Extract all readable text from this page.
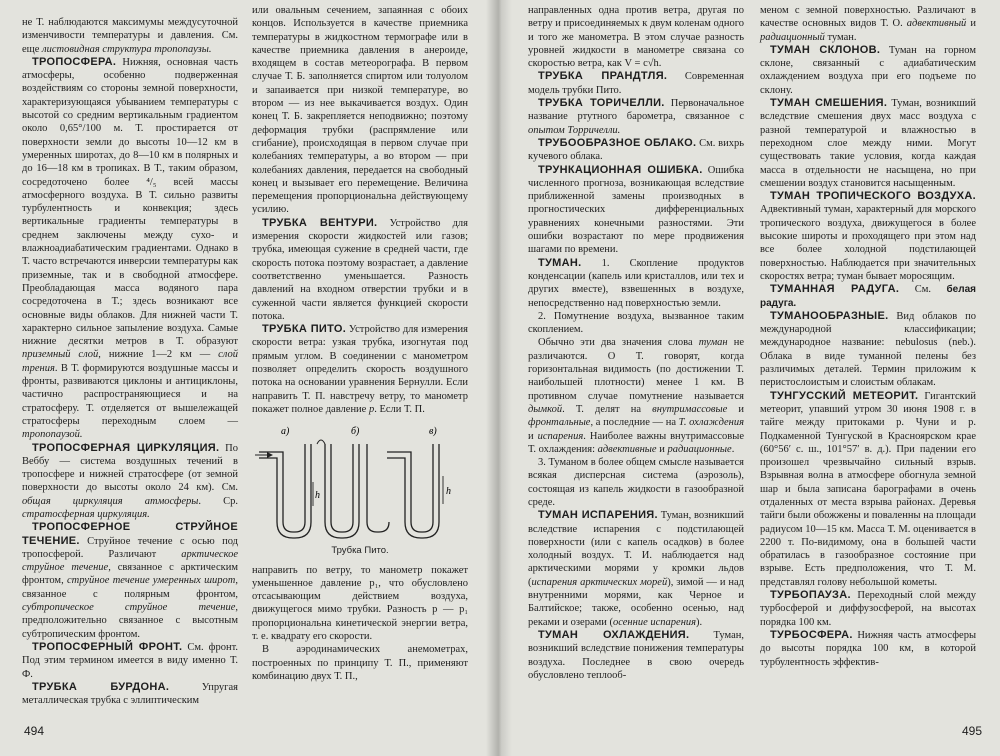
не Т. наблюдаются максимумы междусуточной изменчивости температуры и давления. См. еще листовидная структура тропопаузы.

ТРОПОСФЕРА. Нижняя, основная часть атмосферы, особенно подверженная воздействиям со стороны земной поверхности, характеризующаяся убыванием температуры с высотой со средним вертикальным градиентом около 0,65°/100 м. Т. простирается от поверхности земли до высоты 10—12 км в умеренных широтах, до 8—10 км в полярных и до 16—18 км в тропиках. В Т., таким образом, сосредоточено более ⁴/₅ всей массы атмосферного воздуха. В Т. сильно развиты турбулентность и конвекция; здесь вертикальные градиенты температуры в среднем заключены между сухо- и влажноадиабатическим градиентами. Однако в Т. часто встречаются инверсии температуры как приземные, так и в свободной атмосфере. Преобладающая масса водяного пара сосредоточена в Т.; здесь возникают все основные виды облаков. Для нижней части Т. характерно сильное запыление воздуха. Самые нижние десятки метров в Т. образуют приземный слой, нижние 1—2 км — слой трения. В Т. формируются воздушные массы и фронты, развиваются циклоны и антициклоны, частично распространяющиеся и на стратосферу. Т. отделяется от вышележащей стратосферы переходным слоем — тропопаузой.

ТРОПОСФЕРНАЯ ЦИРКУЛЯЦИЯ. По Веббу — система воздушных течений в тропосфере и нижней стратосфере (от земной поверхности до высоты около 24 км). См. общая циркуляция атмосферы. Ср. стратосферная циркуляция.

ТРОПОСФЕРНОЕ СТРУЙНОЕ ТЕЧЕНИЕ. Струйное течение с осью под тропосферой. Различают арктическое струйное течение, связанное с арктическим фронтом, струйное течение умеренных широт, связанное с полярным фронтом, субтропическое струйное течение, предположительно связанное с высотным субтропическим фронтом.

ТРОПОСФЕРНЫЙ ФРОНТ. См. фронт. Под этим термином имеется в виду именно Т. Ф.

ТРУБКА БУРДОНА. Упругая металлическая трубка с эллиптическим

или овальным сечением, запаянная с обоих концов. Используется в качестве приемника температуры в жидкостном термографе или в качестве приемника давления в анероиде, входящем в состав метеорографа. В первом случае Т. Б. заполняется спиртом или толуолом и запаивается при низкой температуре, во втором — из нее выкачивается воздух. Один конец Т. Б. закрепляется неподвижно; поэтому деформация трубки (распрямление или сгибание), происходящая в первом случае при колебаниях температуры, а во втором — при колебаниях давления, передается на свободный конец и вызывает его перемещение. Величина перемещения пропорциональна действующему усилию.

ТРУБКА ВЕНТУРИ. Устройство для измерения скорости жидкостей или газов; трубка, имеющая сужение в средней части, где скорость потока поэтому возрастает, а давление соответственно уменьшается. Разность давлений на входном отверстии трубки и в суженной части является функцией скорости потока.

ТРУБКА ПИТО. Устройство для измерения скорости ветра: узкая трубка, изогнутая под прямым углом. В соединении с манометром позволяет определить скорость воздушного потока на основании уравнения Бернулли. Если направить Т. П. навстречу ветру, то манометр покажет полное давление p. Если Т. П.

а)	б)	в)
h
h
Трубка Пито.

направить по ветру, то манометр покажет уменьшенное давление p₁, что обусловлено отсасывающим действием воздуха, движущегося мимо трубки. Разность p — p₁ пропорциональна кинетической энергии ветра, т. е. квадрату его скорости.

В аэродинамических анемометрах, построенных по принципу Т. П., применяют комбинацию двух Т. П.,

494

направленных одна против ветра, другая по ветру и присоединяемых к двум коленам одного и того же манометра. В этом случае разность уровней жидкости в манометре связана со скоростью ветра, как V = c√h.

ТРУБКА ПРАНДТЛЯ. Современная модель трубки Пито.

ТРУБКА ТОРИЧЕЛЛИ. Первоначальное название ртутного барометра, связанное с опытом Торричелли.

ТРУБООБРАЗНОЕ ОБЛАКО. См. вихрь кучевого облака.

ТРУНКАЦИОННАЯ ОШИБКА. Ошибка численного прогноза, возникающая вследствие приближенной замены производных в прогностических дифференциальных уравнениях конечными разностями. Эти ошибки возрастают по мере продвижения шагами по времени.

ТУМАН. 1. Скопление продуктов конденсации (капель или кристаллов, или тех и других вместе), взвешенных в воздухе, непосредственно над поверхностью земли.

2. Помутнение воздуха, вызванное таким скоплением.

Обычно эти два значения слова туман не различаются. О Т. говорят, когда горизонтальная видимость (по достижении Т. наибольшей плотности) менее 1 км. В противном случае помутнение называется дымкой. Т. делят на внутримассовые и фронтальные, а последние — на Т. охлаждения и испарения. Наиболее важны внутримассовые Т. охлаждения: адвективные и радиационные.

3. Туманом в более общем смысле называется всякая дисперсная система (аэрозоль), состоящая из капель жидкости в газообразной среде.

ТУМАН ИСПАРЕНИЯ. Туман, возникший вследствие испарения с подстилающей поверхности (или с капель осадков) в более холодный воздух. Т. И. наблюдается над арктическими морями у кромки льдов (испарения арктических морей), зимой — и над внутренними морями, как Черное и Балтийское; также, особенно осенью, над реками и озерами (осенние испарения).

ТУМАН ОХЛАЖДЕНИЯ. Туман, возникший вследствие понижения температуры воздуха. Последнее в свою очередь обусловлено теплооб-

меном с земной поверхностью. Различают в качестве основных видов Т. О. адвективный и радиационный туман.

ТУМАН СКЛОНОВ. Туман на горном склоне, связанный с адиабатическим охлаждением воздуха при его подъеме по склону.

ТУМАН СМЕШЕНИЯ. Туман, возникший вследствие смешения двух масс воздуха с разной температурой и влажностью в переходном слое между ними. Могут существовать такие условия, когда каждая масса в отдельности не насыщена, но при смешении воздух становится насыщенным.

ТУМАН ТРОПИЧЕСКОГО ВОЗДУХА. Адвективный туман, характерный для морского тропического воздуха, движущегося в более высокие широты и проходящего при этом над все более холодной подстилающей поверхностью. Наблюдается при значительных скоростях ветра; туман бывает моросящим.

ТУМАННАЯ РАДУГА. См. белая радуга.

ТУМАНООБРАЗНЫЕ. Вид облаков по международной классификации; международное название: nebulosus (neb.). Облака в виде туманной пелены без различимых деталей. Термин приложим к перистослоистым и слоистым облакам.

ТУНГУССКИЙ МЕТЕОРИТ. Гигантский метеорит, упавший утром 30 июня 1908 г. в тайге между притоками р. Чуни и р. Подкаменной Тунгуской в Красноярском крае (60°56′ с. ш., 101°57′ в. д.). При падении его произошел чрезвычайно сильный взрыв. Взрывная волна в атмосфере обогнула земной шар и была записана барографами в очень отдаленных от места взрыва районах. Деревья тайги были обожжены и поваленны на площади радиусом 10—15 км. Масса Т. М. оценивается в 2200 т. По-видимому, она в большей части обратилась в газообразное состояние при взрыве. Есть предположения, что Т. М. представлял голову небольшой кометы.

ТУРБОПАУЗА. Переходный слой между турбосферой и диффузосферой, на высотах порядка 100 км.

ТУРБОСФЕРА. Нижняя часть атмосферы до высоты порядка 100 км, в которой турбулентность эффектив-

495
